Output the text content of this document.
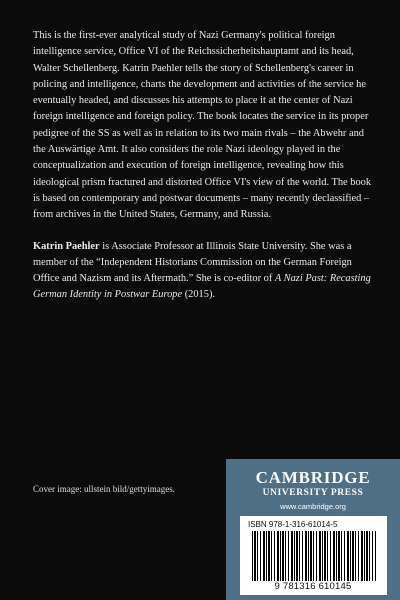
This is the first-ever analytical study of Nazi Germany's political foreign intelligence service, Office VI of the Reichssicherheitshauptamt and its head, Walter Schellenberg. Katrin Paehler tells the story of Schellenberg's career in policing and intelligence, charts the development and activities of the service he eventually headed, and discusses his attempts to place it at the center of Nazi foreign intelligence and foreign policy. The book locates the service in its proper pedigree of the SS as well as in relation to its two main rivals – the Abwehr and the Auswärtige Amt. It also considers the role Nazi ideology played in the conceptualization and execution of foreign intelligence, revealing how this ideological prism fractured and distorted Office VI's view of the world. The book is based on contemporary and postwar documents – many recently declassified – from archives in the United States, Germany, and Russia.

Katrin Paehler is Associate Professor at Illinois State University. She was a member of the “Independent Historians Commission on the German Foreign Office and Nazism and its Aftermath.” She is co-editor of A Nazi Past: Recasting German Identity in Postwar Europe (2015).

Cover image: ullstein bild/gettyimages.
CAMBRIDGE
UNIVERSITY PRESS
www.cambridge.org
ISBN 978-1-316-61014-5
9 781316 610145
